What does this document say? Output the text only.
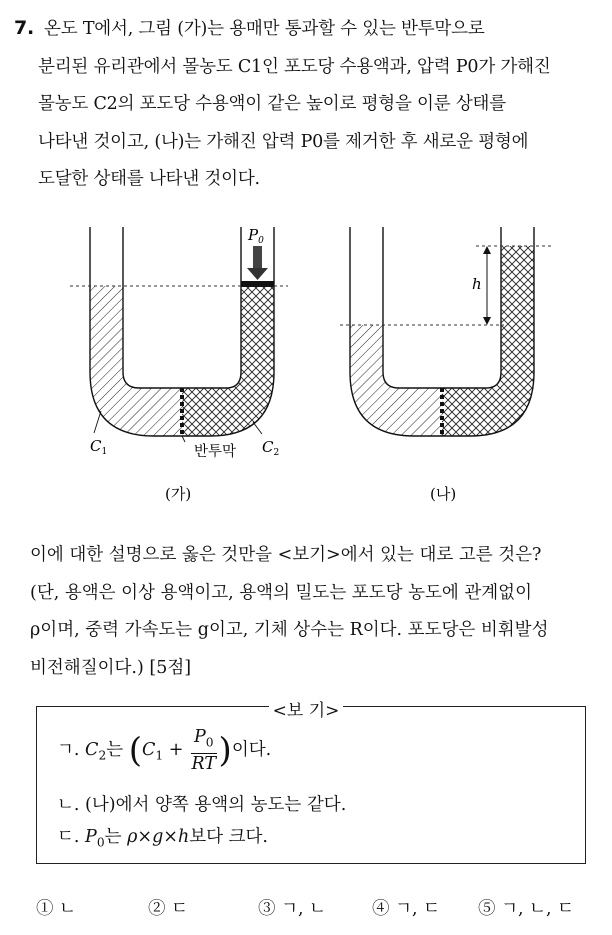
7. 온도 T에서, 그림 (가)는 용매만 통과할 수 있는 반투막으로
분리된 유리관에서 몰농도 C1인 포도당 수용액과, 압력 P0가 가해진
몰농도 C2의 포도당 수용액이 같은 높이로 평형을 이룬 상태를
나타낸 것이고, (나)는 가해진 압력 P0를 제거한 후 새로운 평형에
도달한 상태를 나타낸 것이다.
$P_0$
$C_1$	반투막 $C_2$
(가)
h
(나)
이에 대한 설명으로 옳은 것만을 <보기>에서 있는 대로 고른 것은?
(단, 용액은 이상 용액이고, 용액의 밀도는 포도당 농도에 관계없이
ρ이며, 중력 가속도는 g이고, 기체 상수는 R이다. 포도당은 비휘발성
비전해질이다.) [5점]
ㄱ. $C_2$는 ($C_1 + \frac{P_0}{RT}$ )이다.
ㄴ. (나)에서 양쪽 용액의 농도는 같다.
ㄷ. $P_0$는 ρ×g×h보다 크다.
<보 기>
① ㄴ	② ㄷ	③ ㄱ, ㄴ	④ ㄱ, ㄷ ⑤ ㄱ, ㄴ, ㄷ
